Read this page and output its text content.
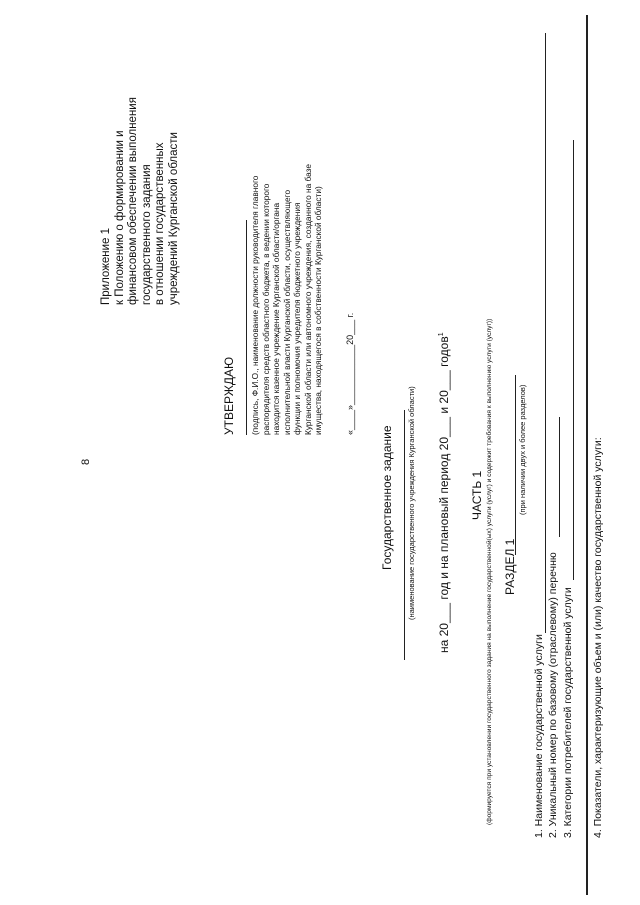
8
Приложение 1 к Положению о формировании и финансовом обеспечении выполнения государственного задания в отношении государственных учреждений Курганской области
УТВЕРЖДАЮ (подпись, Ф.И.О., наименование должности руководителя главного распорядителя средств областного бюджета, в ведении которого находится казенное учреждение Курганской области/органа исполнительной власти Курганской области, осуществляющего функции и полномочия учредителя бюджетного учреждения Курганской области или автономного учреждения, созданного на базе имущества, находящегося в собственности Курганской области) «____»____________20___ г.
Государственное задание (наименование государственного учреждения Курганской области) на 20___ год и на плановый период 20___ и 20___ годов$^1$
ЧАСТЬ 1 (формируется при установлении государственного задания на выполнение государственной(ых) услуги (услуг) и содержит требования к выполнению услуги (услуг)) РАЗДЕЛ 1
(при наличии двух и более разделов)
1. Наименование государственной услуги 2. Уникальный номер по базовому (отраслевому) перечню 3. Категории потребителей государственной услуги 4. Показатели, характеризующие объем и (или) качество государственной услуги:
